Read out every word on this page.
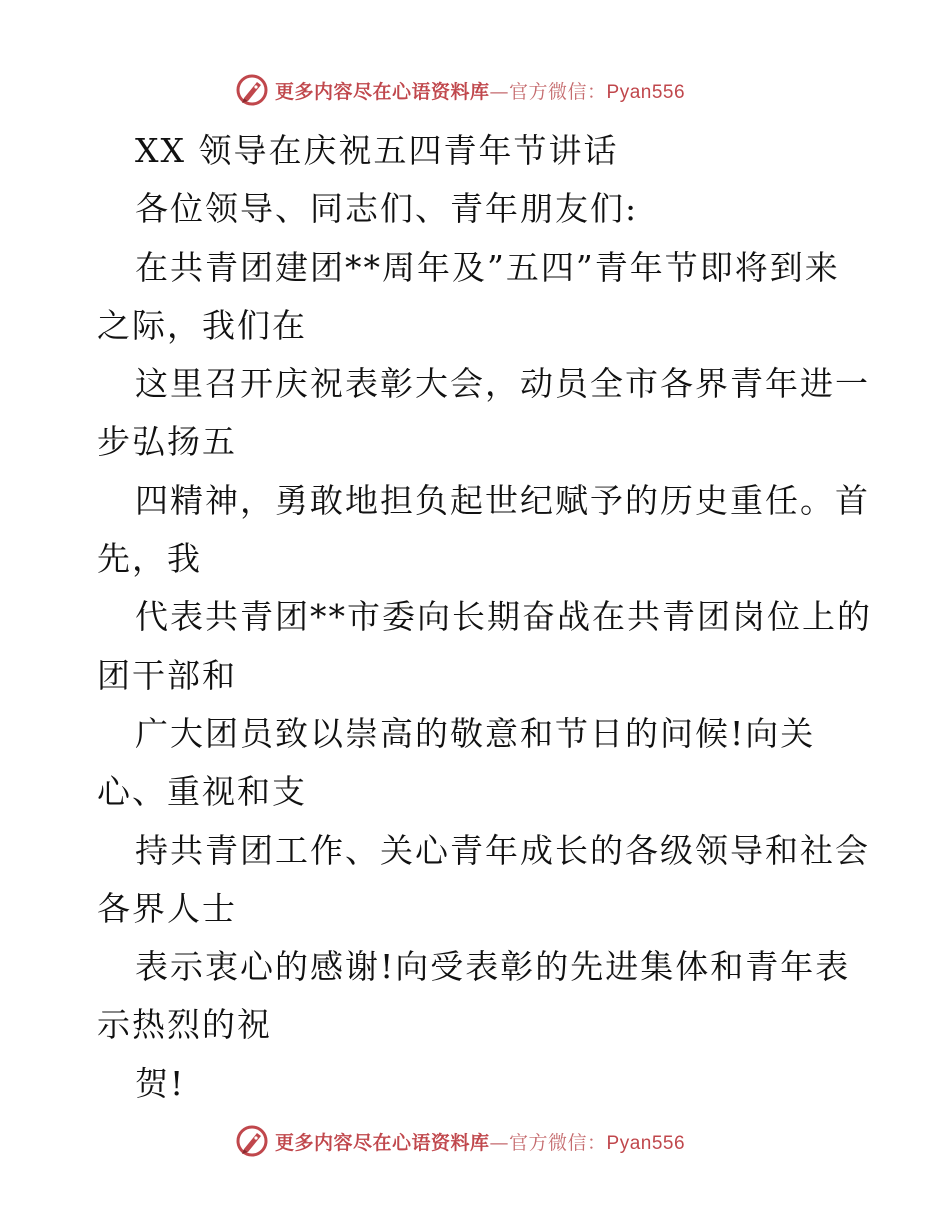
更多内容尽在心语资料库—官方微信：Pyan556

XX 领导在庆祝五四青年节讲话

各位领导、同志们、青年朋友们:

在共青团建团**周年及”五四”青年节即将到来

之际，我们在

这里召开庆祝表彰大会，动员全市各界青年进一

步弘扬五

四精神，勇敢地担负起世纪赋予的历史重任。首

先，我

代表共青团**市委向长期奋战在共青团岗位上的

团干部和

广大团员致以崇高的敬意和节日的问候!向关

心、重视和支

持共青团工作、关心青年成长的各级领导和社会

各界人士

表示衷心的感谢!向受表彰的先进集体和青年表

示热烈的祝

贺!

更多内容尽在心语资料库—官方微信：Pyan556
